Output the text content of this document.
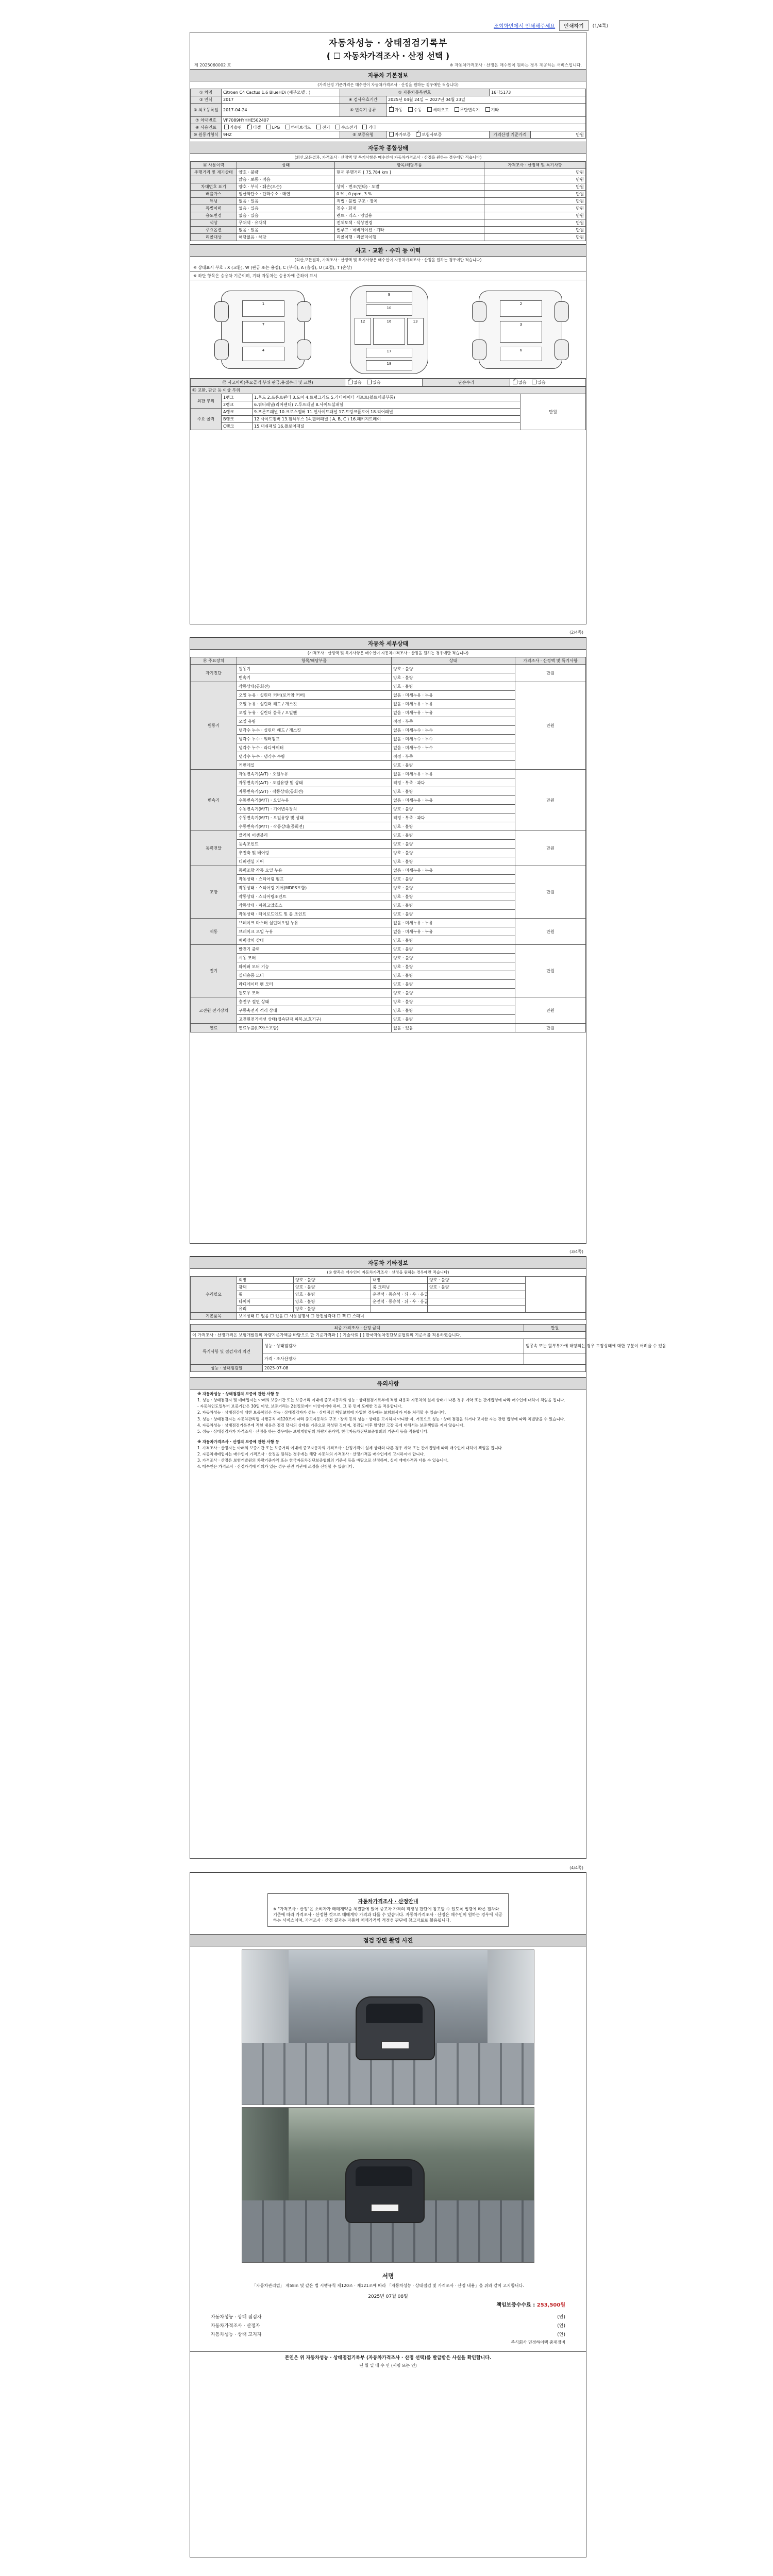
조회화면에서 인쇄해주세요	인쇄하기	(1/4쪽)
자동차성능 · 상태점검기록부
( ☐ 자동차가격조사 · 산정 선택 )
제 2025060002 호	※ 자동차가격조사 · 산정은 매수인이 원하는 경우 제공하는 서비스입니다.
자동차 기본정보
(가격산정 기준가격은 매수인이 자동차가격조사 · 산정을 원하는 경우에만 적습니다)
① 차명	Citroen C4 Cactus 1.6 BlueHDi (세부모델 : )	② 자동차등록번호		16다5173	
③ 연식	2017	④ 검사유효기간	2025년 04월 24일 ~ 2027년 04월 23일		
⑤ 최초등록일	2017-04-24	⑥ 변속기 종류	✓자동 수동 세미오토 무단변속기 기타
⑦ 차대번호	VF7089HYHHE502407				
⑧ 사용연료	가솔린 ✓ 디젤 LPG 하이브리드 전기 수소전기 기타
⑩ 원동기형식	9HZ	⑨ 보증유형	자가보증 ✓ 보험사보증	가격산정 기준가격	만원
자동차 종합상태
(회산,모든결과, 가격조사 · 산정액 및 특기사항은 매수인이 자동차가격조사 · 산정을 원하는 경우에만 적습니다)
⑪ 사용이력	상태	항목/해당부품	가격조사 · 산정액 및 특기사항
주행거리 및 계기상태	양호 · 불량	현재 주행거리 [ 75,784 km ]	만원
	많음 · 보통 · 적음		만원
차대번호 표기	양호 · 부식 · 훼손(오손)	상이 · 변조(변타) · 도말	만원
배출가스	일산화탄소 · 탄화수소 · 매연	0 % , 0 ppm, 3 %	만원
튜닝	없음 · 있음	적법 · 불법 구조 · 장치	만원
특별이력	없음 · 있음	침수 · 화재	만원
용도변경	없음 · 있음	렌트 · 리스 · 영업용	만원
색상	무채색 · 유채색	전체도색 · 색상변경	만원
주요옵션	없음 · 있음	썬루프 · 네비게이션 · 기타	만원
리콜대상	해당없음 · 해당	리콜이행 · 리콜미이행	만원
사고 · 교환 · 수리 등 이력
(회산,모든결과, 가격조사 · 산정액 및 특기사항은 매수인이 자동차가격조사 · 산정을 원하는 경우에만 적습니다)
※ 상태표시 부호 : X (교환), W (판금 또는 용접), C (부식), A (흠집), U (요철), T (손상)
※ 하단 항목은 승용차 기준이며, 기타 자동차는 승용차에 준하여 표시
1
7
4
9
10
12	16	13
17
18
2
3
6
⑫ 사고이력(주요골격 부위 판금,용접수리 및 교환)	✓없음	있음	단순수리	✓없음	있음
⑬ 교환, 판금 등 이상 부위			
외판 부위	1랭크	1.후드 2.프론트펜더 3.도어 4.트렁크리드 5.라디에이터 서포트(볼트체결부품)	만원
	2랭크	6.쿼터패널(리어펜더) 7.루프패널 8.사이드실패널	
주요 골격	A랭크	9.프론트패널 10.크로스멤버 11.인사이드패널 17.트렁크플로어 18.리어패널	
	B랭크	12.사이드멤버 13.휠하우스 14.필러패널 ( A, B, C ) 16.패키지트레이	
	C랭크	15.대쉬패널 16.플로어패널	
(2/4쪽)
자동차 세부상태
(가격조사 · 산정액 및 특기사항은 매수인이 자동차가격조사 · 산정을 원하는 경우에만 적습니다)
⑭ 주요장치	항목/해당부품	상태	가격조사 · 산정액 및 특기사항
자기진단	원동기	양호 · 불량	만원
	변속기	양호 · 불량	
원동기	작동상태(공회전)	양호 · 불량	만원
	오일 누유 · 실린더 커버(로커암 커버)	없음 · 미세누유 · 누유	
	오일 누유 · 실린더 헤드 / 개스킷	없음 · 미세누유 · 누유	
	오일 누유 · 실린더 블록 / 오일팬	없음 · 미세누유 · 누유	
	오일 유량	적정 · 부족	
	냉각수 누수 · 실린더 헤드 / 개스킷	없음 · 미세누수 · 누수	
	냉각수 누수 · 워터펌프	없음 · 미세누수 · 누수	
	냉각수 누수 · 라디에이터	없음 · 미세누수 · 누수	
	냉각수 누수 · 냉각수 수량	적정 · 부족	
	커먼레일	양호 · 불량	
변속기	자동변속기(A/T) · 오일누유	없음 · 미세누유 · 누유	만원
	자동변속기(A/T) · 오일유량 및 상태	적정 · 부족 · 과다	
	자동변속기(A/T) · 작동상태(공회전)	양호 · 불량	
	수동변속기(M/T) · 오일누유	없음 · 미세누유 · 누유	
	수동변속기(M/T) · 기어변속장치	양호 · 불량	
	수동변속기(M/T) · 오일유량 및 상태	적정 · 부족 · 과다	
	수동변속기(M/T) · 작동상태(공회전)	양호 · 불량	
동력전달	클러치 어셈블리	양호 · 불량	만원
	등속조인트	양호 · 불량	
	추진축 및 베어링	양호 · 불량	
	디퍼렌셜 기어	양호 · 불량	
조향	동력조향 작동 오일 누유	없음 · 미세누유 · 누유	만원
	작동상태 · 스티어링 펌프	양호 · 불량	
	작동상태 · 스티어링 기어(MDPS포함)	양호 · 불량	
	작동상태 · 스티어링조인트	양호 · 불량	
	작동상태 · 파워고압호스	양호 · 불량	
	작동상태 · 타이로드엔드 및 볼 조인트	양호 · 불량	
제동	브레이크 마스터 실린더오일 누유	없음 · 미세누유 · 누유	만원
	브레이크 오일 누유	없음 · 미세누유 · 누유	
	배력장치 상태	양호 · 불량	
전기	발전기 출력	양호 · 불량	만원
	시동 모터	양호 · 불량	
	와이퍼 모터 기능	양호 · 불량	
	실내송풍 모터	양호 · 불량	
	라디에이터 팬 모터	양호 · 불량	
	윈도우 모터	양호 · 불량	
고전원 전기장치	충전구 절연 상태	양호 · 불량	만원
	구동축전지 격리 상태	양호 · 불량	
	고전원전기배선 상태(접속단자,피복,보호기구)	양호 · 불량	
연료	연료누출(LP가스포함)	없음 · 있음	만원
(3/4쪽)
자동차 기타정보
(① 항목은 매수인이 자동차가격조사 · 산정을 원하는 경우에만 적습니다)
수리필요	외장	양호 · 불량	내장	양호 · 불량	
	광택	양호 · 불량	룸 크리닝	양호 · 불량	
	휠	양호 · 불량	운전석 · 동승석 · 뒤 · 우 · 응급		
	타이어	양호 · 불량	운전석 · 동승석 · 뒤 · 우 · 응급		
	유리	양호 · 불량			
기본품목	보유상태 ☐ 없음 ☐ 있음 ☐ 사용설명서 ☐ 안전삼각대 ☐ 잭 ☐ 스패너				
최종 가격조사 · 산정 금액		만원
이 가격조사 · 산정가격은 보험개발원의 차량기준가액을 바탕으로 한 기준가격과 [ ] 기술사회 [ ] 한국자동차진단보증협회의 기준서를 적용하였습니다.		
특기사항 및 점검자의 의견	성능 · 상태점검자	범공속 또는 할부부가에 해당되는 경우 도장상태에 대한 구분이 어려울 수 있음
	가격 · 조사산정자	
성능 · 상태점검일	2025-07-08	
유의사항

※ 자동차성능 · 상태점검의 보증에 관한 사항 등

1. 성능 · 상태점검자 및 매매업자는 아래의 보증기간 또는 보증거리 이내에 중고자동차의 성능 · 상태점검기록부에 적힌 내용과 자동차의 실제 상태가 다른 경우 계약 또는 관계법령에 따라 매수인에 대하여 책임을 집니다.

- 자동차인도일부터 보증기간은 30일 이상, 보증거리는 2천킬로미터 이상이어야 하며, 그 중 먼저 도래한 것을 적용합니다.

2. 자동차성능 · 상태점검에 대한 보증책임은 성능 · 상태점검자가 성능 · 상태점검 책임보험에 가입한 경우에는 보험회사가 이를 처리할 수 있습니다.

3. 성능 · 상태점검자는 자동차관리법 시행규칙 제120조에 따라 중고자동차의 구조 · 장치 등의 성능 · 상태를 고지하지 아니한 자, 거짓으로 성능 · 상태 점검을 하거나 고지한 자는 관련 법령에 따라 처벌받을 수 있습니다.

4. 자동차성능 · 상태점검기록부에 적힌 내용은 점검 당시의 상태를 기준으로 작성된 것이며, 점검일 이후 발생한 고장 등에 대해서는 보증책임을 지지 않습니다.

5. 성능 · 상태점검자가 가격조사 · 산정을 하는 경우에는 보험개발원의 차량기준가액, 한국자동차진단보증협회의 기준서 등을 적용합니다.

※ 자동차가격조사 · 산정의 보증에 관한 사항 등

1. 가격조사 · 산정자는 아래의 보증기간 또는 보증거리 이내에 중고자동차의 가격조사 · 산정가격이 실제 상태와 다른 경우 계약 또는 관계법령에 따라 매수인에 대하여 책임을 집니다.

2. 자동차매매업자는 매수인이 가격조사 · 산정을 원하는 경우에는 해당 자동차의 가격조사 · 산정가격을 매수인에게 고지하여야 합니다.

3. 가격조사 · 산정은 보험개발원의 차량기준가액 또는 한국자동차진단보증협회의 기준서 등을 바탕으로 산정하며, 실제 매매가격과 다를 수 있습니다.

4. 매수인은 가격조사 · 산정가격에 이의가 있는 경우 관련 기관에 조정을 신청할 수 있습니다.

(4/4쪽)
자동차가격조사 · 산정안내
※ "가격조사 · 산정"은 소비자가 매매계약을 체결함에 있어 중고차 가격의 적정성 판단에 참고할 수 있도록 법령에 따른 절차와 기준에 따라 가격조사 · 산정한 것으로 매매계약 가격과 다를 수 있습니다. 자동차가격조사 · 산정은 매수인이 원하는 경우에 제공하는 서비스이며, 가격조사 · 산정 결과는 자동차 매매가격의 적정성 판단에 참고자료로 활용됩니다.
점검 장면 촬영 사진
서명
「자동차관리법」 제58조 및 같은 법 시행규칙 제120조 · 제121조에 따라 「자동차성능 · 상태점검 및 가격조사 · 산정 내용」을 위와 같이 고지합니다.
2025년 07월 08일
책임보증수수료 : 253,500원
자동차성능 · 상태 점검자	(인)
자동차가격조사 · 산정자	(인)
자동차성능 · 상태 고지자	(인)
주식회사 민정하이텍 중재정비
본인은 위 자동차성능 · 상태점검기록부 (자동차가격조사 · 산정 선택)를 발급받은 사실을 확인합니다.
년 월 일 매 수 인 (서명 또는 인)
